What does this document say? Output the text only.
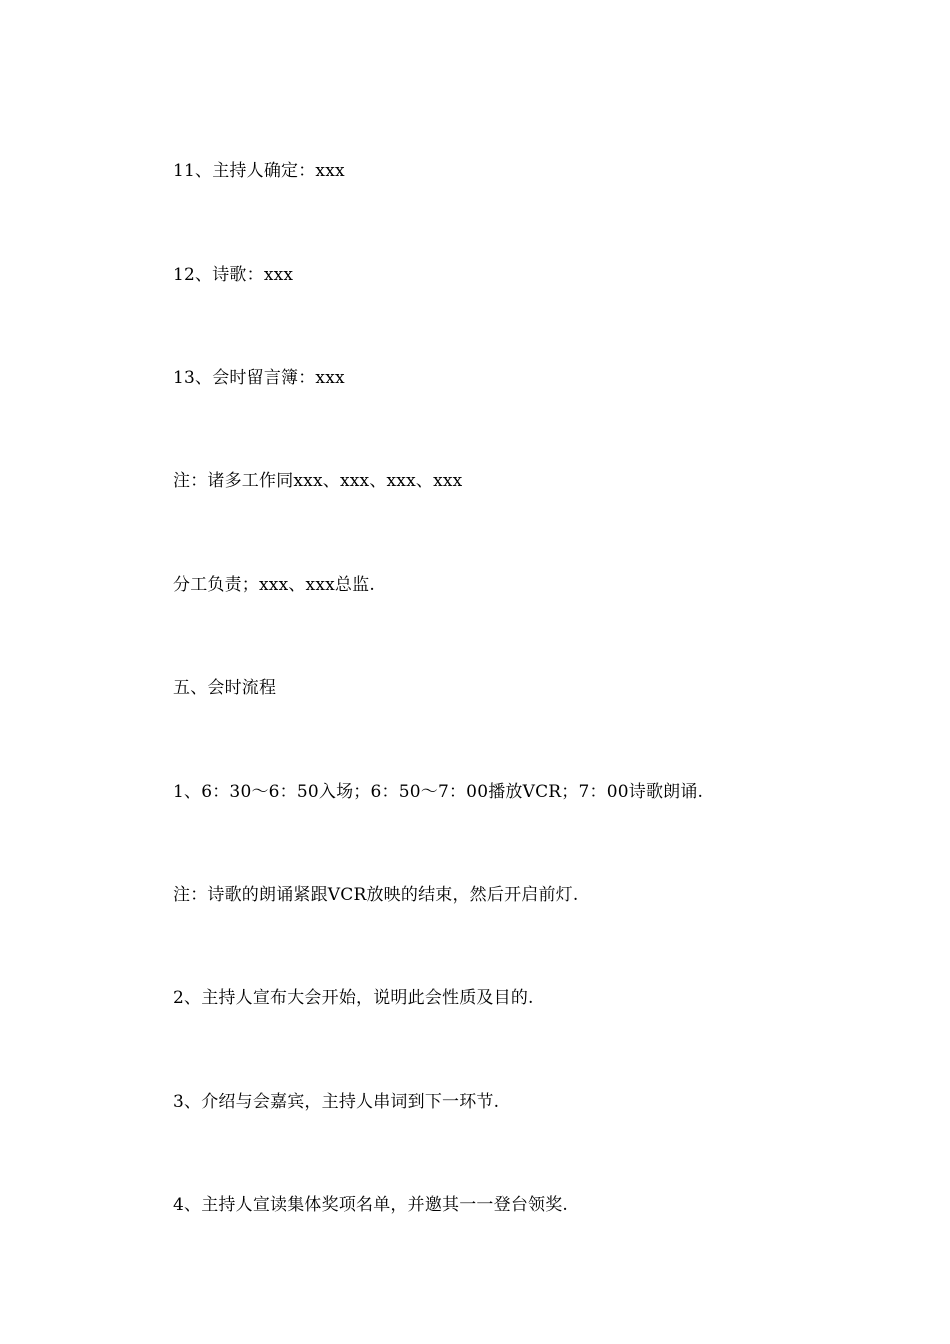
11、主持人确定：xxx
12、诗歌：xxx
13、会时留言簿：xxx
注：诸多工作同xxx、xxx、xxx、xxx
分工负责；xxx、xxx总监.
五、会时流程
1、6：30～6：50入场；6：50～7：00播放VCR；7：00诗歌朗诵.
注：诗歌的朗诵紧跟VCR放映的结束，然后开启前灯.
2、主持人宣布大会开始，说明此会性质及目的.
3、介绍与会嘉宾，主持人串词到下一环节.
4、主持人宣读集体奖项名单，并邀其一一登台领奖.
